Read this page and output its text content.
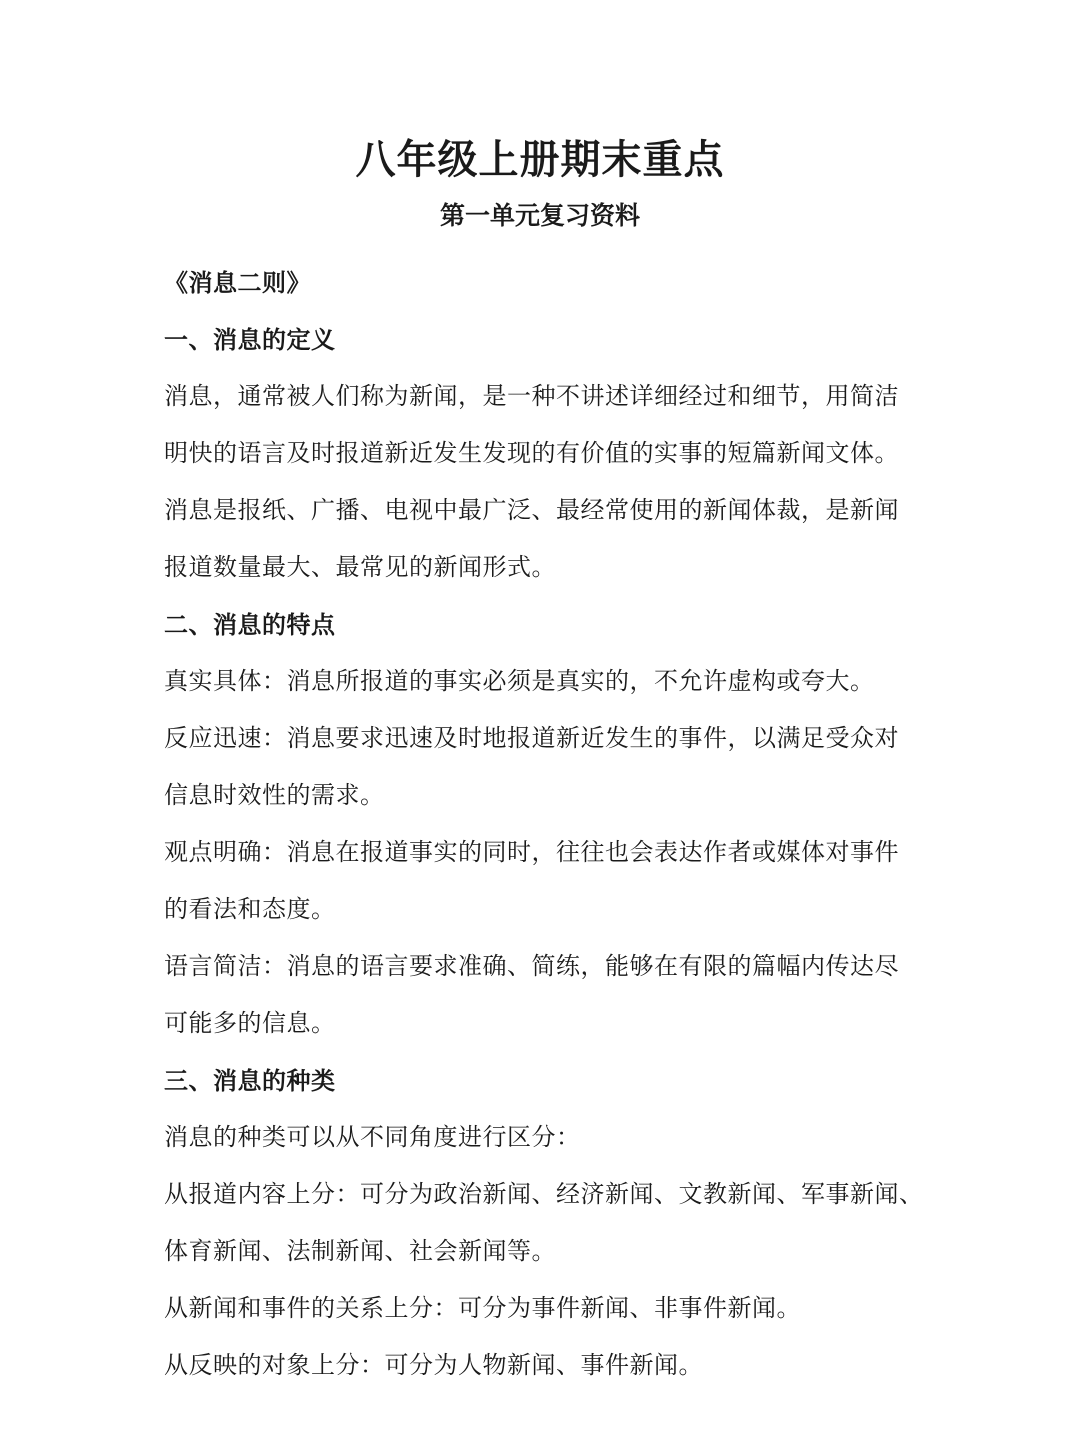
八年级上册期末重点
第一单元复习资料
《消息二则》
一、消息的定义
消息，通常被人们称为新闻，是一种不讲述详细经过和细节，用简洁
明快的语言及时报道新近发生发现的有价值的实事的短篇新闻文体。
消息是报纸、广播、电视中最广泛、最经常使用的新闻体裁，是新闻
报道数量最大、最常见的新闻形式。
二、消息的特点
真实具体：消息所报道的事实必须是真实的，不允许虚构或夸大。
反应迅速：消息要求迅速及时地报道新近发生的事件，以满足受众对
信息时效性的需求。
观点明确：消息在报道事实的同时，往往也会表达作者或媒体对事件
的看法和态度。
语言简洁：消息的语言要求准确、简练，能够在有限的篇幅内传达尽
可能多的信息。
三、消息的种类
消息的种类可以从不同角度进行区分：
从报道内容上分：可分为政治新闻、经济新闻、文教新闻、军事新闻、
体育新闻、法制新闻、社会新闻等。
从新闻和事件的关系上分：可分为事件新闻、非事件新闻。
从反映的对象上分：可分为人物新闻、事件新闻。
